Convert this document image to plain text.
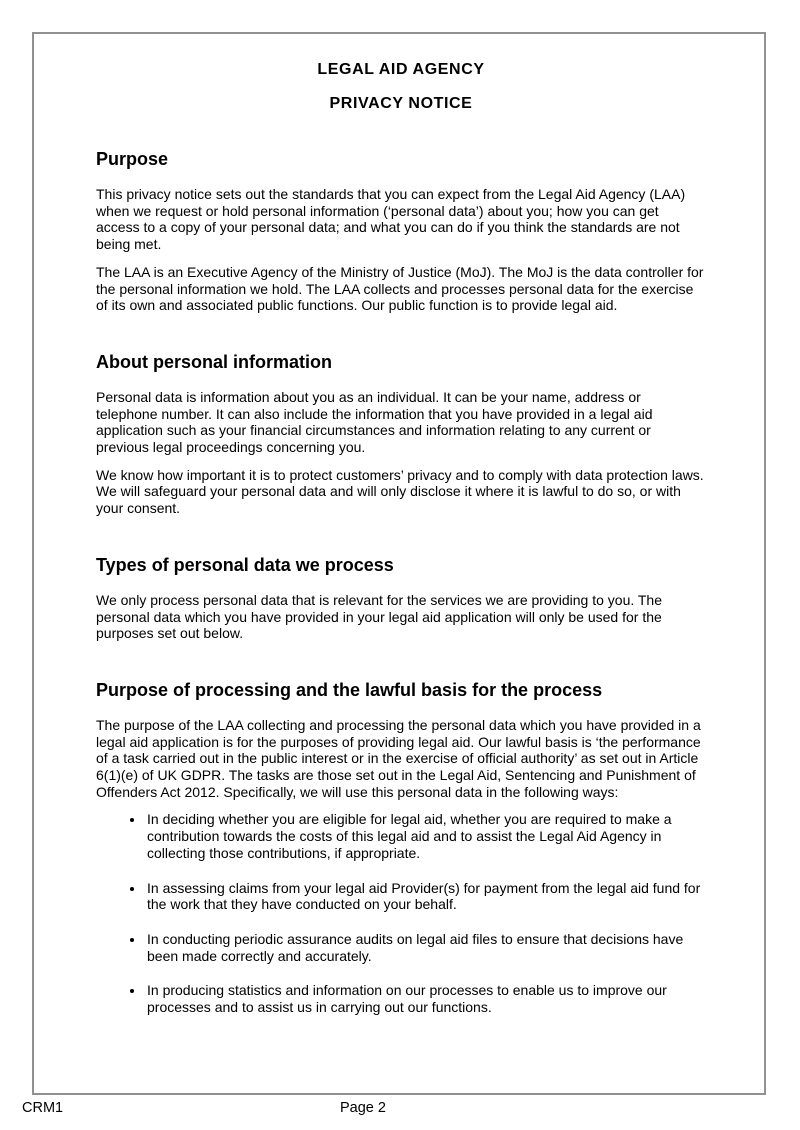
LEGAL AID AGENCY
PRIVACY NOTICE
Purpose

This privacy notice sets out the standards that you can expect from the Legal Aid Agency (LAA) when we request or hold personal information (‘personal data’) about you; how you can get access to a copy of your personal data; and what you can do if you think the standards are not being met.

The LAA is an Executive Agency of the Ministry of Justice (MoJ). The MoJ is the data controller for the personal information we hold. The LAA collects and processes personal data for the exercise of its own and associated public functions. Our public function is to provide legal aid.

About personal information

Personal data is information about you as an individual. It can be your name, address or telephone number. It can also include the information that you have provided in a legal aid application such as your financial circumstances and information relating to any current or previous legal proceedings concerning you.

We know how important it is to protect customers’ privacy and to comply with data protection laws. We will safeguard your personal data and will only disclose it where it is lawful to do so, or with your consent.

Types of personal data we process

We only process personal data that is relevant for the services we are providing to you. The personal data which you have provided in your legal aid application will only be used for the purposes set out below.

Purpose of processing and the lawful basis for the process

The purpose of the LAA collecting and processing the personal data which you have provided in a legal aid application is for the purposes of providing legal aid. Our lawful basis is ‘the performance of a task carried out in the public interest or in the exercise of official authority’ as set out in Article 6(1)(e) of UK GDPR. The tasks are those set out in the Legal Aid, Sentencing and Punishment of Offenders Act 2012. Specifically, we will use this personal data in the following ways:

• In deciding whether you are eligible for legal aid, whether you are required to make a contribution towards the costs of this legal aid and to assist the Legal Aid Agency in collecting those contributions, if appropriate.
• In assessing claims from your legal aid Provider(s) for payment from the legal aid fund for the work that they have conducted on your behalf.
• In conducting periodic assurance audits on legal aid files to ensure that decisions have been made correctly and accurately.
• In producing statistics and information on our processes to enable us to improve our processes and to assist us in carrying out our functions.
CRM1	Page 2
